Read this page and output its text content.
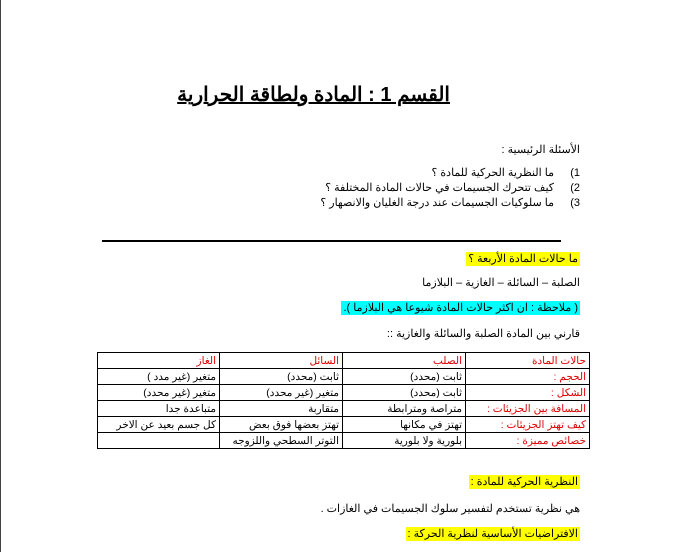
القسم 1 : المادة ولطاقة الحرارية
الأسئلة الرئيسية :
1)ما النظرية الحركية للمادة ؟
2)كيف تتحرك الجسيمات في حالات المادة المختلفة ؟
3)ما سلوكيات الجسيمات عند درجة الغليان والانصهار ؟
ما حالات المادة الأربعة ؟
الصلبة – السائلة – الغازية – البلازما
( ملاحظة : ان اكثر حالات المادة شيوعا هي البلازما ).
قارني بين المادة الصلبة والسائلة والغازية ::
حالات المادة	الصلب	السائل	الغاز
الحجم :	ثابت (محدد)	ثابت (محدد)	متغير (غير مدد )
الشكل :	ثابت (محدد)	متغير (غير محدد)	متغير (غير محدد)
المسافة بين الجزيئات :	متراصة ومترابطة	متقاربة	متباعدة جدا
كيف تهتز الجزيئات :	تهتز في مكانها	تهتز بعضها فوق بعض	كل جسم بعيد عن الاخر
خصائص مميزة :	بلورية ولا بلورية	التوتر السطحي واللزوجه	
النظرية الحركية للمادة :
هي نظرية تستخدم لتفسير سلوك الجسيمات في الغازات .
الافتراضيات الأساسية لنظرية الحركة :
